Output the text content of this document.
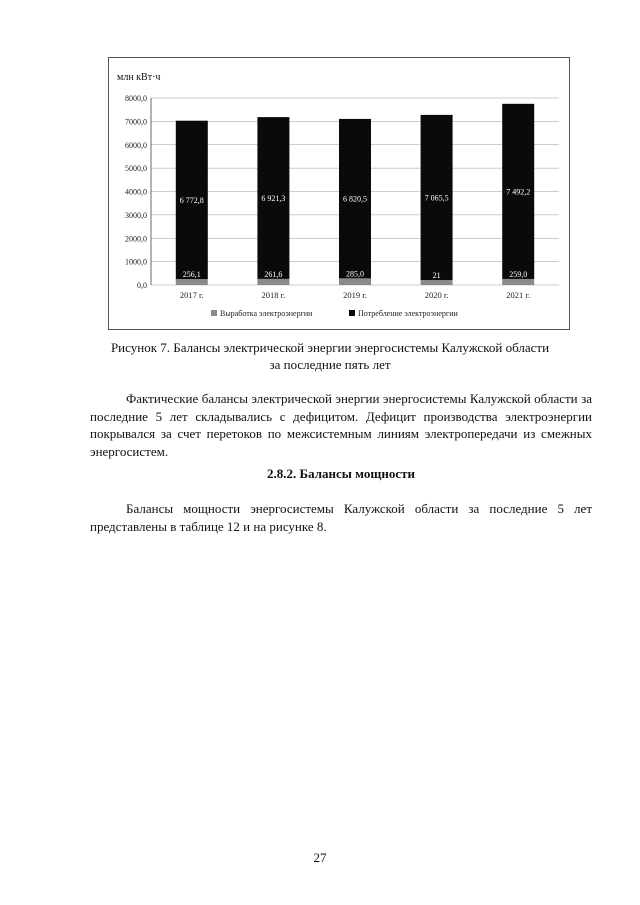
млн кВт·ч
0,0
1000,0
2000,0
3000,0
4000,0
5000,0
6000,0
7000,0
8000,0
6 772,8
256,1
2017 г.
6 921,3
261,6
2018 г.
6 820,5
285,0
2019 г.
7 065,5
21
2020 г.
7 492,2
259,0
2021 г.
Выработка электроэнергии	Потребление электроэнергии
Рисунок 7. Балансы электрической энергии энергосистемы Калужской области
за последние пять лет
Фактические балансы электрической энергии энергосистемы Калужской области за последние 5 лет складывались с дефицитом. Дефицит производства электроэнергии покрывался за счет перетоков по межсистемным линиям электропередачи из смежных энергосистем.
2.8.2. Балансы мощности
Балансы мощности энергосистемы Калужской области за последние 5 лет представлены в таблице 12 и на рисунке 8.
27
